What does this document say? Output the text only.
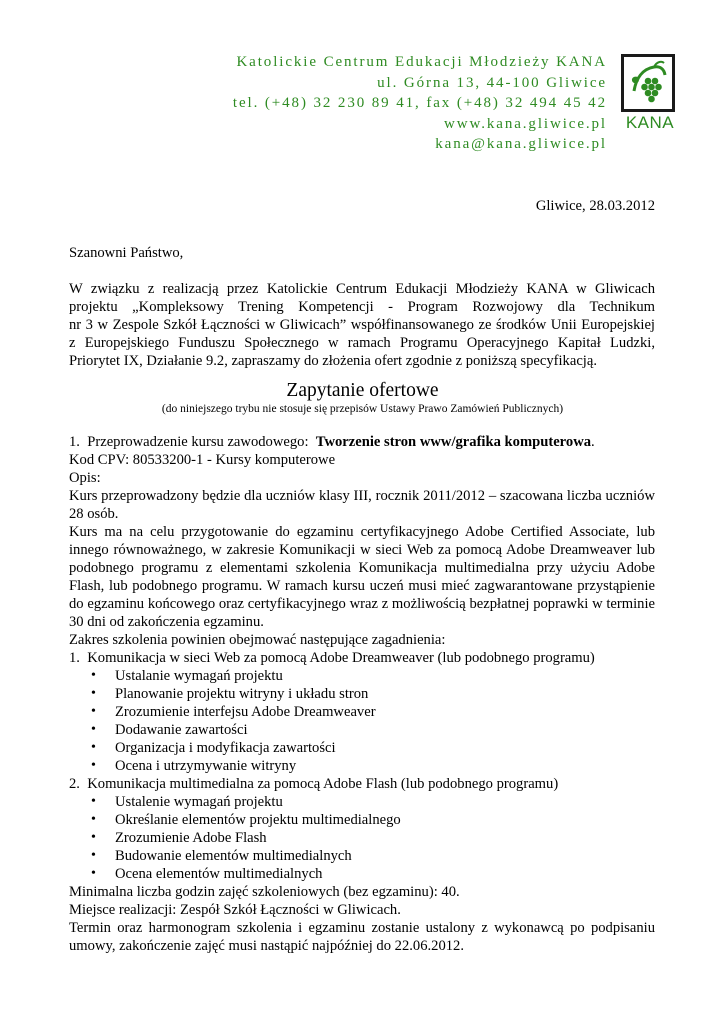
Katolickie Centrum Edukacji Młodzieży KANA
ul. Górna 13, 44-100 Gliwice
tel. (+48) 32 230 89 41, fax (+48) 32 494 45 42
www.kana.gliwice.pl
kana@kana.gliwice.pl
KANA
Gliwice, 28.03.2012
Szanowni Państwo,
W związku z realizacją przez Katolickie Centrum Edukacji Młodzieży KANA w Gliwicach
projektu „Kompleksowy Trening Kompetencji - Program Rozwojowy dla Technikum
nr 3 w Zespole Szkół Łączności w Gliwicach” współfinansowanego ze środków Unii Europejskiej
z Europejskiego Funduszu Społecznego w ramach Programu Operacyjnego Kapitał Ludzki,
Priorytet IX, Działanie 9.2, zapraszamy do złożenia ofert zgodnie z poniższą specyfikacją.
1.  Przeprowadzenie kursu zawodowego:  Tworzenie stron www/grafika komputerowa.
Kod CPV: 80533200-1 - Kursy komputerowe
Opis:
Kurs przeprowadzony będzie dla uczniów klasy III, rocznik 2011/2012 – szacowana liczba uczniów
28 osób.
Kurs ma na celu przygotowanie do egzaminu certyfikacyjnego Adobe Certified Associate, lub
innego równoważnego, w zakresie Komunikacji w sieci Web za pomocą Adobe Dreamweaver lub
podobnego programu z elementami szkolenia Komunikacja multimedialna przy użyciu Adobe
Flash, lub podobnego programu. W ramach kursu uczeń musi mieć zagwarantowane przystąpienie
do egzaminu końcowego oraz certyfikacyjnego wraz z możliwością bezpłatnej poprawki w terminie
30 dni od zakończenia egzaminu.
Zakres szkolenia powinien obejmować następujące zagadnienia:
1.  Komunikacja w sieci Web za pomocą Adobe Dreamweaver (lub podobnego programu)
• Ustalanie wymagań projektu
• Planowanie projektu witryny i układu stron
• Zrozumienie interfejsu Adobe Dreamweaver
• Dodawanie zawartości
• Organizacja i modyfikacja zawartości
• Ocena i utrzymywanie witryny
2.  Komunikacja multimedialna za pomocą Adobe Flash (lub podobnego programu)
• Ustalenie wymagań projektu
• Określanie elementów projektu multimedialnego
• Zrozumienie Adobe Flash
• Budowanie elementów multimedialnych
• Ocena elementów multimedialnych
Minimalna liczba godzin zajęć szkoleniowych (bez egzaminu): 40.
Miejsce realizacji: Zespół Szkół Łączności w Gliwicach.
Termin oraz harmonogram szkolenia i egzaminu zostanie ustalony z wykonawcą po podpisaniu
umowy, zakończenie zajęć musi nastąpić najpóźniej do 22.06.2012.
Zapytanie ofertowe
(do niniejszego trybu nie stosuje się przepisów Ustawy Prawo Zamówień Publicznych)
